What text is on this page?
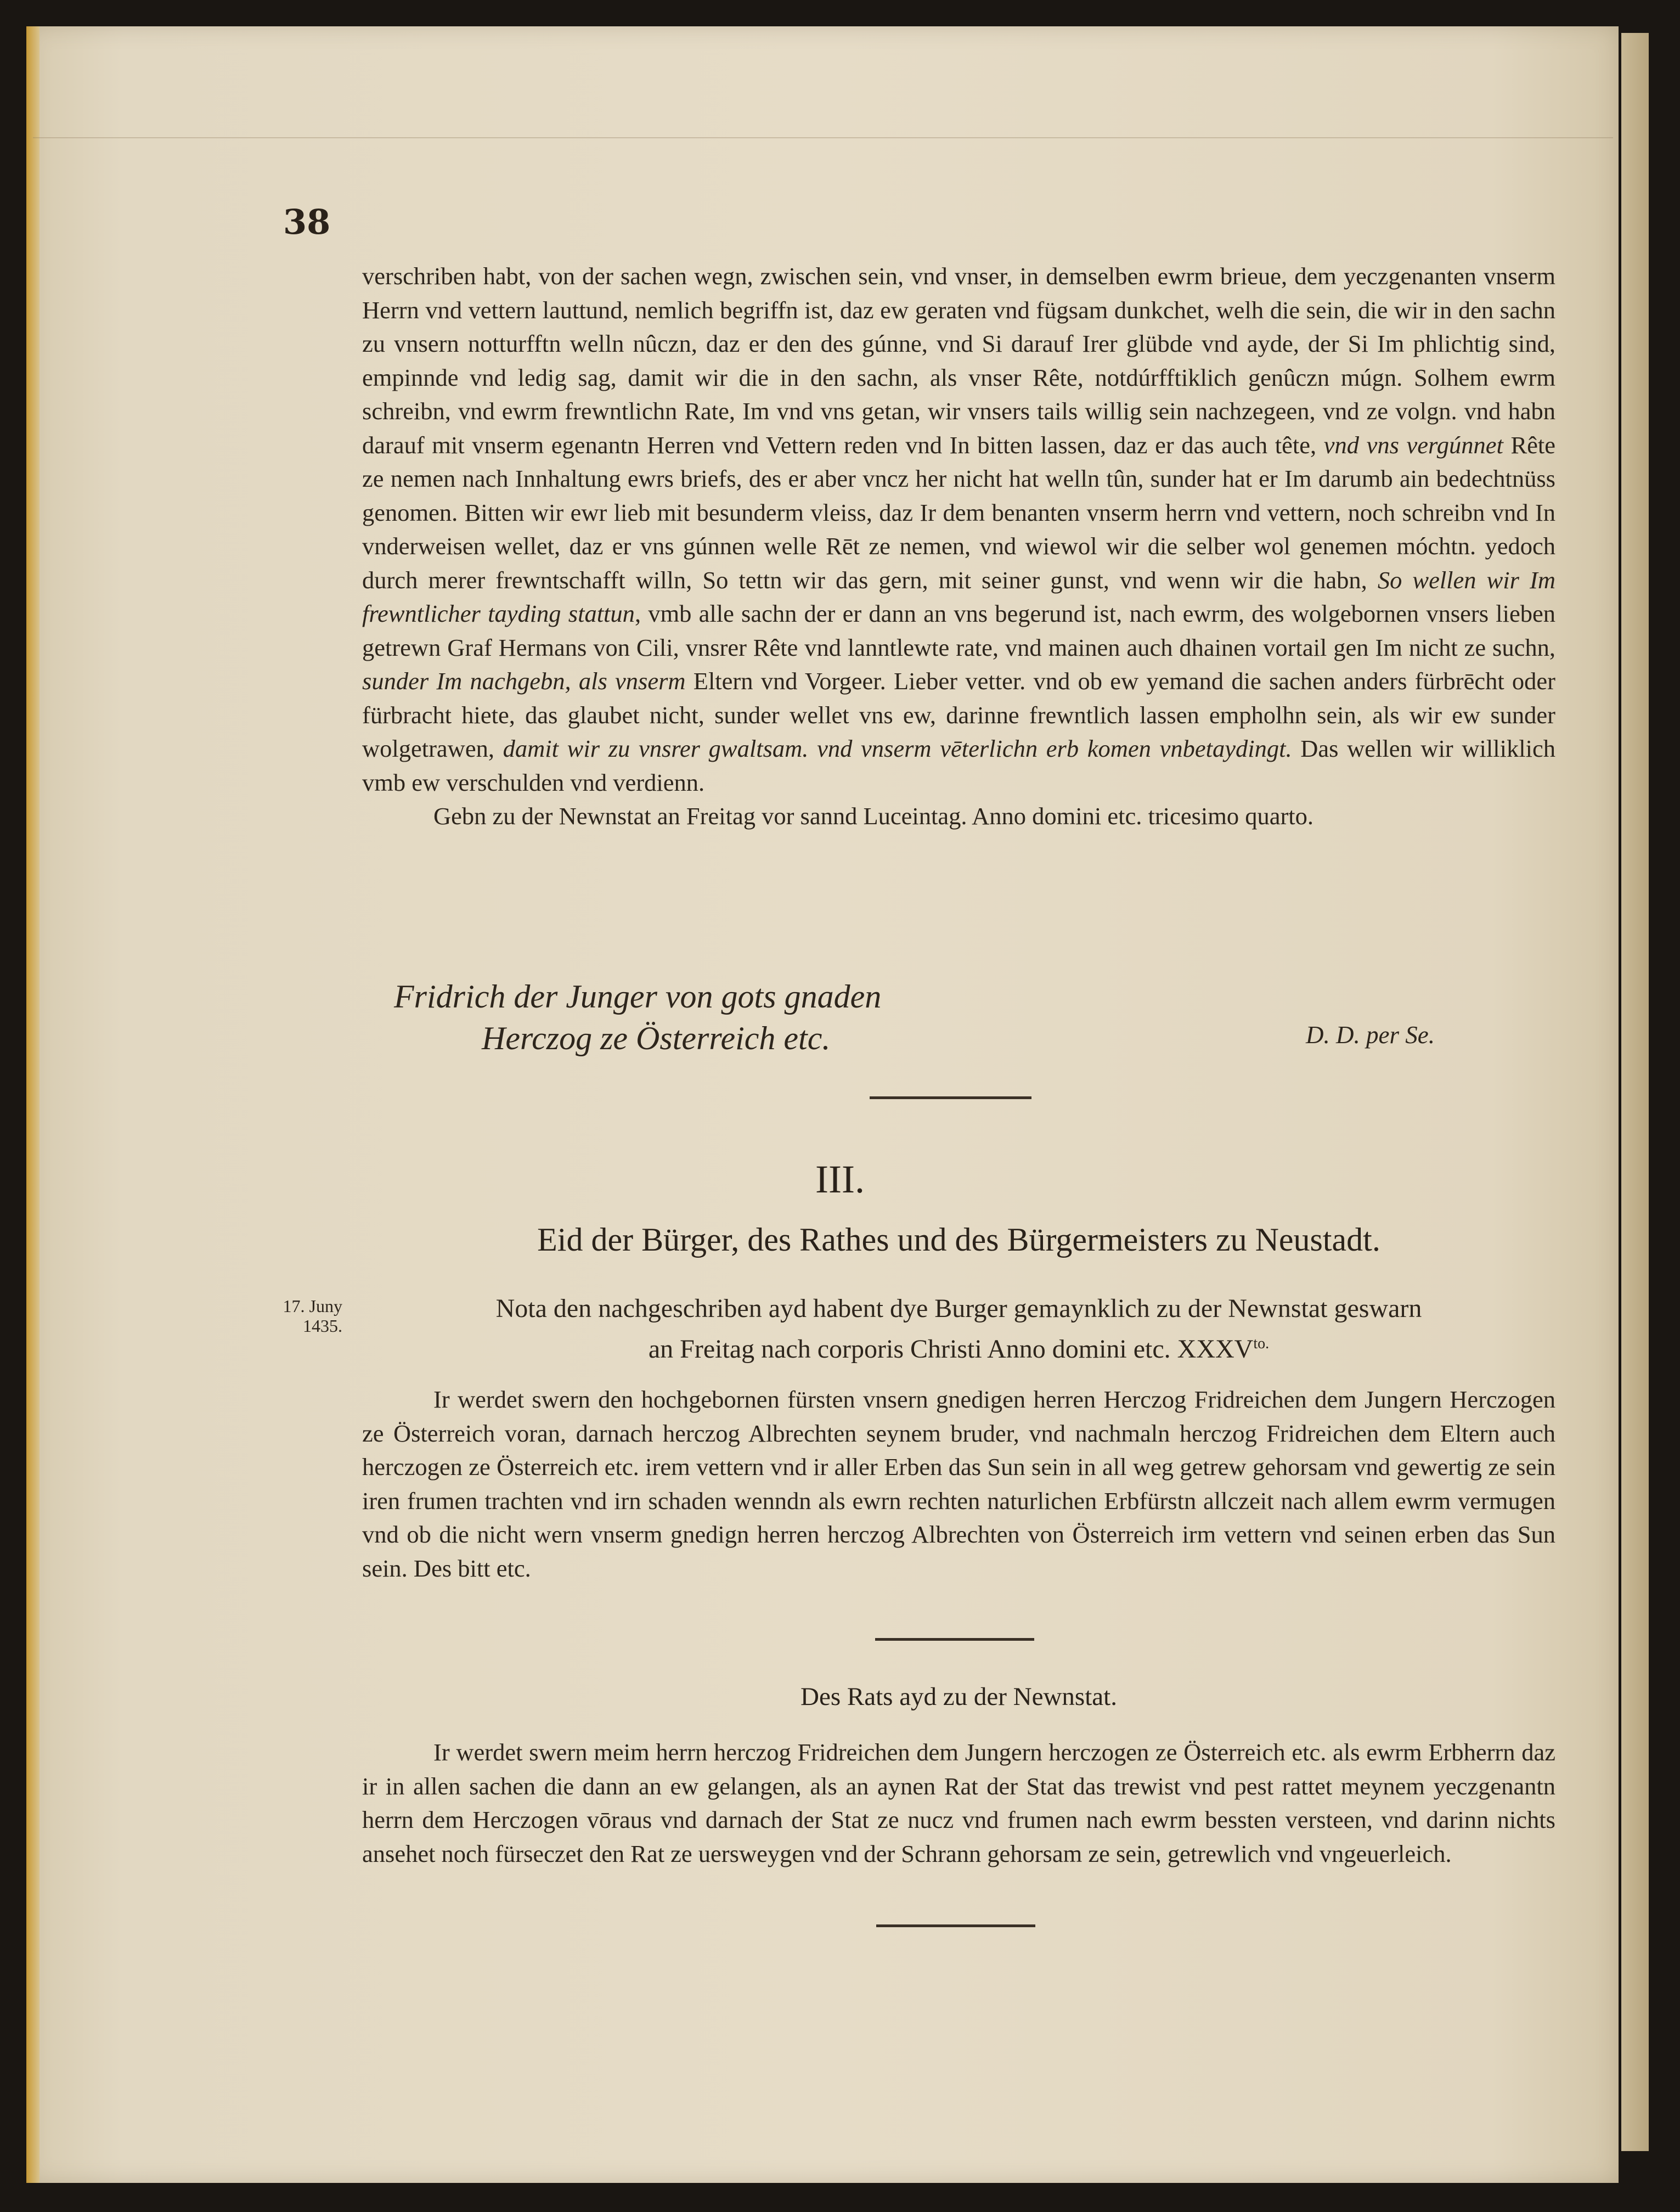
38

verschriben habt, von der sachen wegn, zwischen sein, vnd vnser, in demselben ewrm brieue, dem yeczgenanten vnserm Herrn vnd vettern lauttund, nemlich begriffn ist, daz ew geraten vnd fügsam dunkchet, welh die sein, die wir in den sachn zu vnsern notturfftn welln nûczn, daz er den des gúnne, vnd Si darauf Irer glübde vnd ayde, der Si Im phlichtig sind, empinnde vnd ledig sag, damit wir die in den sachn, als vnser Rête, notdúrfftiklich genûczn múgn. Solhem ewrm schreibn, vnd ewrm frewntlichn Rate, Im vnd vns getan, wir vnsers tails willig sein nachzegeen, vnd ze volgn. vnd habn darauf mit vnserm egenantn Herren vnd Vettern reden vnd In bitten lassen, daz er das auch tête, vnd vns vergúnnet Rête ze nemen nach Innhaltung ewrs briefs, des er aber vncz her nicht hat welln tûn, sunder hat er Im darumb ain bedechtnüss genomen. Bitten wir ewr lieb mit besunderm vleiss, daz Ir dem benanten vnserm herrn vnd vettern, noch schreibn vnd In vnderweisen wellet, daz er vns gúnnen welle Rēt ze nemen, vnd wiewol wir die selber wol genemen móchtn. yedoch durch merer frewntschafft willn, So tettn wir das gern, mit seiner gunst, vnd wenn wir die habn, So wellen wir Im frewntlicher tayding stattun, vmb alle sachn der er dann an vns begerund ist, nach ewrm, des wolgebornen vnsers lieben getrewn Graf Hermans von Cili, vnsrer Rête vnd lanntlewte rate, vnd mainen auch dhainen vortail gen Im nicht ze suchn, sunder Im nachgebn, als vnserm Eltern vnd Vorgeer. Lieber vetter. vnd ob ew yemand die sachen anders fürbrēcht oder fürbracht hiete, das glaubet nicht, sunder wellet vns ew, darinne frewntlich lassen empholhn sein, als wir ew sunder wolgetrawen, damit wir zu vnsrer gwaltsam. vnd vnserm vēterlichn erb komen vnbetaydingt. Das wellen wir williklich vmb ew verschulden vnd verdienn.

Gebn zu der Newnstat an Freitag vor sannd Luceintag. Anno domini etc. tricesimo quarto.

Fridrich der Junger von gots gnaden
Herczog ze Österreich etc.	D. D. per Se.
III.
Eid der Bürger, des Rathes und des Bürgermeisters zu Neustadt.
17. Juny
1435.
Nota den nachgeschriben ayd habent dye Burger gemaynklich zu der Newnstat geswarn
an Freitag nach corporis Christi Anno domini etc. $XXXV^{to.}$

Ir werdet swern den hochgebornen fürsten vnsern gnedigen herren Herczog Fridreichen dem Jungern Herczogen ze Österreich voran, darnach herczog Albrechten seynem bruder, vnd nachmaln herczog Fridreichen dem Eltern auch herczogen ze Österreich etc. irem vettern vnd ir aller Erben das Sun sein in all weg getrew gehorsam vnd gewertig ze sein iren frumen trachten vnd irn schaden wenndn als ewrn rechten naturlichen Erbfürstn allczeit nach allem ewrm vermugen vnd ob die nicht wern vnserm gnedign herren herczog Albrechten von Österreich irm vettern vnd seinen erben das Sun sein. Des bitt etc.

Des Rats ayd zu der Newnstat.

Ir werdet swern meim herrn herczog Fridreichen dem Jungern herczogen ze Österreich etc. als ewrm Erbherrn daz ir in allen sachen die dann an ew gelangen, als an aynen Rat der Stat das trewist vnd pest rattet meynem yeczgenantn herrn dem Herczogen vōraus vnd darnach der Stat ze nucz vnd frumen nach ewrm bessten versteen, vnd darinn nichts ansehet noch fürseczet den Rat ze uersweygen vnd der Schrann gehorsam ze sein, getrewlich vnd vngeuerleich.
